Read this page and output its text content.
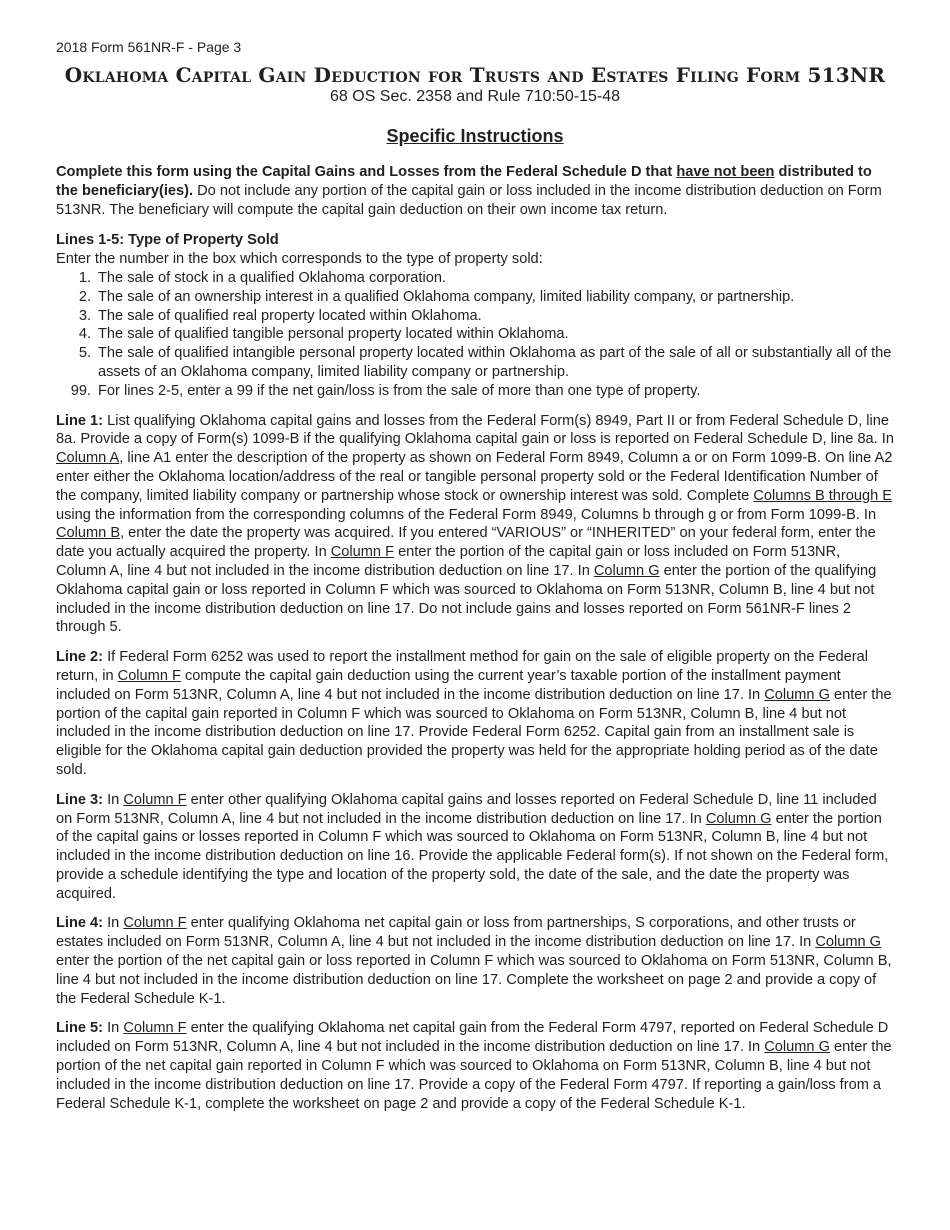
2018 Form 561NR-F - Page 3

Oklahoma Capital Gain Deduction for Trusts and Estates Filing Form 513NR

68 OS Sec. 2358 and Rule 710:50-15-48

Specific Instructions

Complete this form using the Capital Gains and Losses from the Federal Schedule D that have not been distributed to the beneficiary(ies). Do not include any portion of the capital gain or loss included in the income distribution deduction on Form 513NR. The beneficiary will compute the capital gain deduction on their own income tax return.

Lines 1-5: Type of Property Sold

Enter the number in the box which corresponds to the type of property sold:

1. The sale of stock in a qualified Oklahoma corporation.
2. The sale of an ownership interest in a qualified Oklahoma company, limited liability company, or partnership.
3. The sale of qualified real property located within Oklahoma.
4. The sale of qualified tangible personal property located within Oklahoma.
5. The sale of qualified intangible personal property located within Oklahoma as part of the sale of all or substantially all of the assets of an Oklahoma company, limited liability company or partnership.
99. For lines 2-5, enter a 99 if the net gain/loss is from the sale of more than one type of property.

Line 1: List qualifying Oklahoma capital gains and losses from the Federal Form(s) 8949, Part II or from Federal Schedule D, line 8a. Provide a copy of Form(s) 1099-B if the qualifying Oklahoma capital gain or loss is reported on Federal Schedule D, line 8a. In Column A, line A1 enter the description of the property as shown on Federal Form 8949, Column a or on Form 1099-B. On line A2 enter either the Oklahoma location/address of the real or tangible personal property sold or the Federal Identification Number of the company, limited liability company or partnership whose stock or ownership interest was sold. Complete Columns B through E using the information from the corresponding columns of the Federal Form 8949, Columns b through g or from Form 1099-B. In Column B, enter the date the property was acquired. If you entered “VARIOUS” or “INHERITED” on your federal form, enter the date you actually acquired the property. In Column F enter the portion of the capital gain or loss included on Form 513NR, Column A, line 4 but not included in the income distribution deduction on line 17. In Column G enter the portion of the qualifying Oklahoma capital gain or loss reported in Column F which was sourced to Oklahoma on Form 513NR, Column B, line 4 but not included in the income distribution deduction on line 17. Do not include gains and losses reported on Form 561NR-F lines 2 through 5.

Line 2: If Federal Form 6252 was used to report the installment method for gain on the sale of eligible property on the Federal return, in Column F compute the capital gain deduction using the current year’s taxable portion of the installment payment included on Form 513NR, Column A, line 4 but not included in the income distribution deduction on line 17. In Column G enter the portion of the capital gain reported in Column F which was sourced to Oklahoma on Form 513NR, Column B, line 4 but not included in the income distribution deduction on line 17. Provide Federal Form 6252. Capital gain from an installment sale is eligible for the Oklahoma capital gain deduction provided the property was held for the appropriate holding period as of the date sold.

Line 3: In Column F enter other qualifying Oklahoma capital gains and losses reported on Federal Schedule D, line 11 included on Form 513NR, Column A, line 4 but not included in the income distribution deduction on line 17. In Column G enter the portion of the capital gains or losses reported in Column F which was sourced to Oklahoma on Form 513NR, Column B, line 4 but not included in the income distribution deduction on line 16. Provide the applicable Federal form(s). If not shown on the Federal form, provide a schedule identifying the type and location of the property sold, the date of the sale, and the date the property was acquired.

Line 4: In Column F enter qualifying Oklahoma net capital gain or loss from partnerships, S corporations, and other trusts or estates included on Form 513NR, Column A, line 4 but not included in the income distribution deduction on line 17. In Column G enter the portion of the net capital gain or loss reported in Column F which was sourced to Oklahoma on Form 513NR, Column B, line 4 but not included in the income distribution deduction on line 17. Complete the worksheet on page 2 and provide a copy of the Federal Schedule K-1.

Line 5: In Column F enter the qualifying Oklahoma net capital gain from the Federal Form 4797, reported on Federal Schedule D included on Form 513NR, Column A, line 4 but not included in the income distribution deduction on line 17. In Column G enter the portion of the net capital gain reported in Column F which was sourced to Oklahoma on Form 513NR, Column B, line 4 but not included in the income distribution deduction on line 17. Provide a copy of the Federal Form 4797. If reporting a gain/loss from a Federal Schedule K-1, complete the worksheet on page 2 and provide a copy of the Federal Schedule K-1.
